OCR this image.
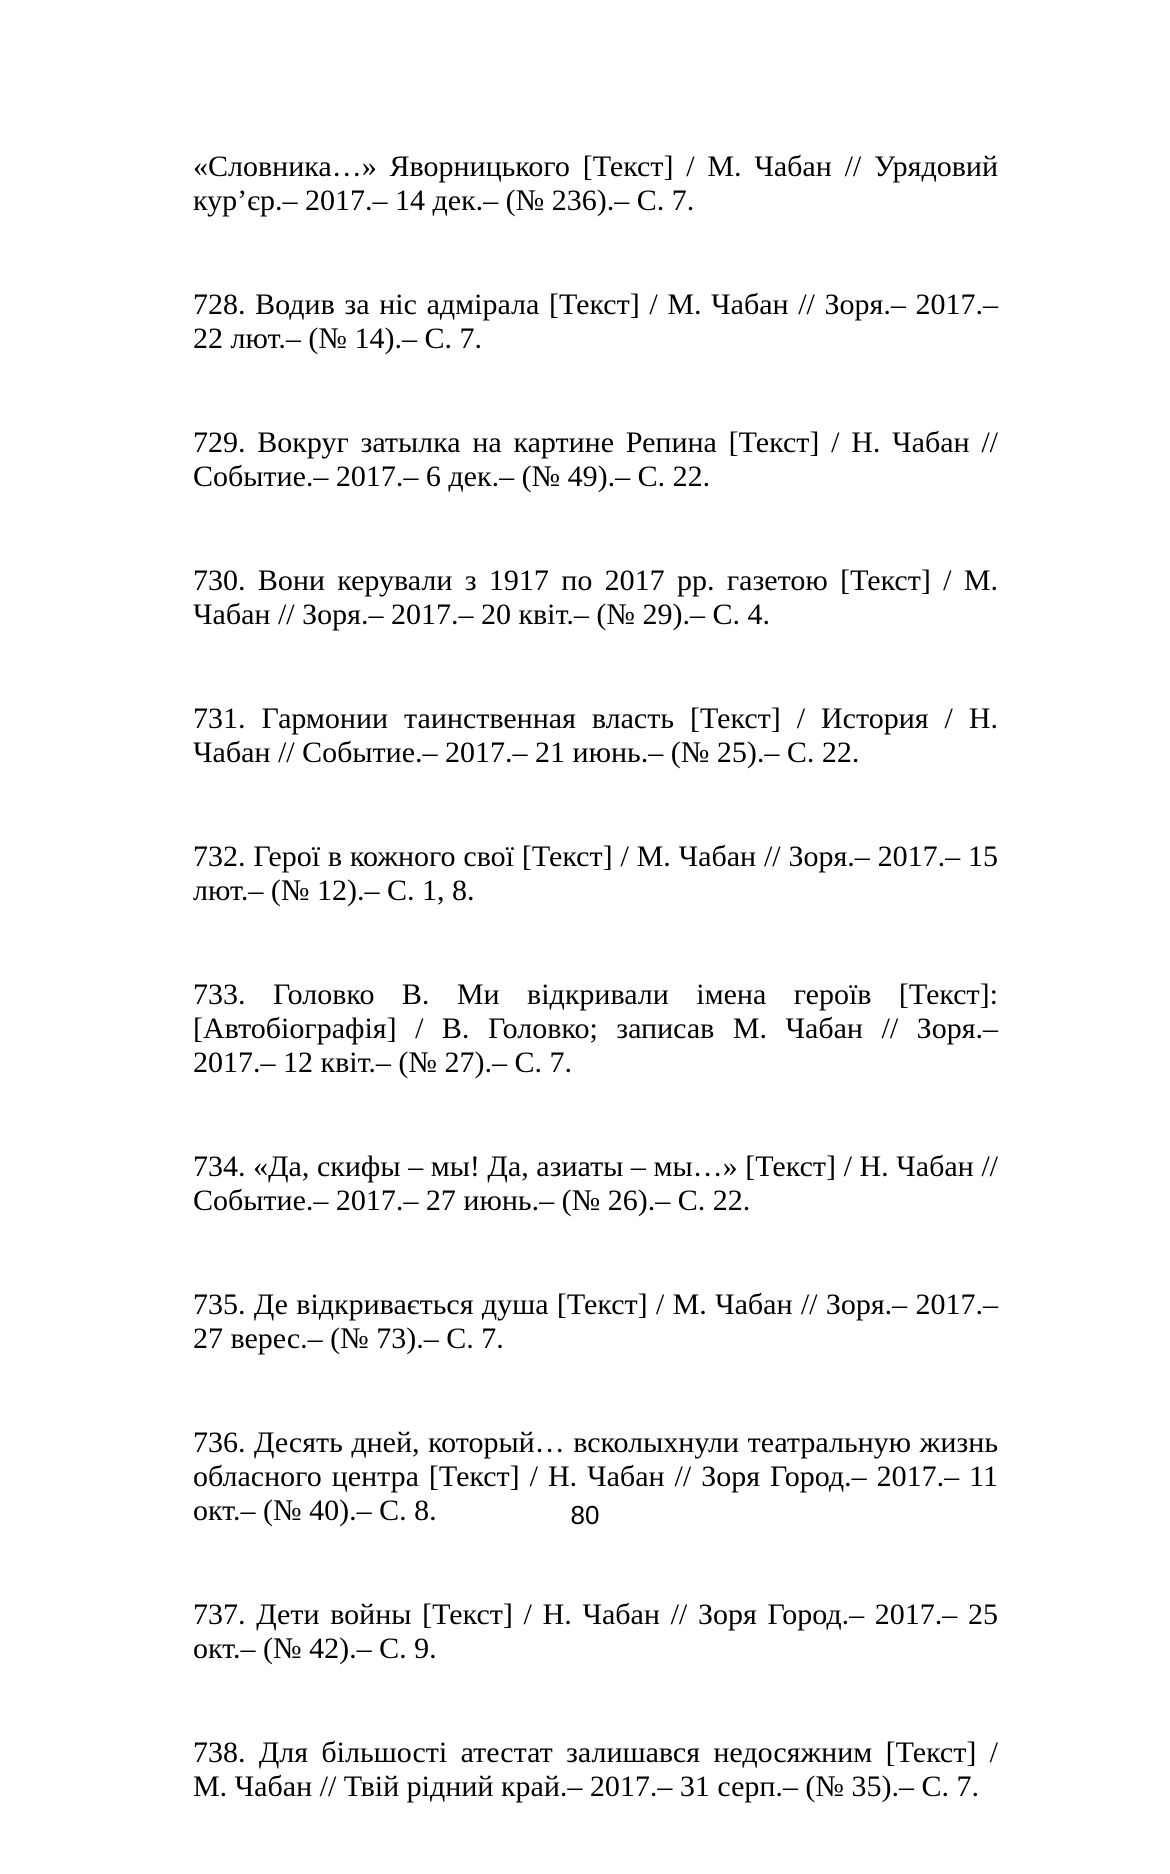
«Словника…» Яворницького [Текст] / М. Чабан // Урядовий кур’єр.– 2017.– 14 дек.– (№ 236).– С. 7.

728. Водив за ніс адмірала [Текст] / М. Чабан // Зоря.– 2017.– 22 лют.– (№ 14).– С. 7.

729. Вокруг затылка на картине Репина [Текст] / Н. Чабан // Событие.– 2017.– 6 дек.– (№ 49).– С. 22.

730. Вони керували з 1917 по 2017 рр. газетою [Текст] / М. Чабан // Зоря.– 2017.– 20 квіт.– (№ 29).– С. 4.

731. Гармонии таинственная власть [Текст] / История / Н. Чабан // Событие.– 2017.– 21 июнь.– (№ 25).– С. 22.

732. Герої в кожного свої [Текст] / М. Чабан // Зоря.– 2017.– 15 лют.– (№ 12).– С. 1, 8.

733. Головко В. Ми відкривали імена героїв [Текст]: [Автобіографія] / В. Головко; записав М. Чабан // Зоря.– 2017.– 12 квіт.– (№ 27).– С. 7.

734. «Да, скифы – мы! Да, азиаты – мы…» [Текст] / Н. Чабан // Событие.– 2017.– 27 июнь.– (№ 26).– С. 22.

735. Де відкривається душа [Текст] / М. Чабан // Зоря.– 2017.– 27 верес.– (№ 73).– С. 7.

736. Десять дней, который… всколыхнули театральную жизнь обласного центра [Текст] / Н. Чабан // Зоря Город.– 2017.– 11 окт.– (№ 40).– С. 8.

737. Дети войны [Текст] / Н. Чабан // Зоря Город.– 2017.– 25 окт.– (№ 42).– С. 9.

738. Для більшості атестат залишався недосяжним [Текст] / М. Чабан // Твій рідний край.– 2017.– 31 серп.– (№ 35).– С. 7.

80
